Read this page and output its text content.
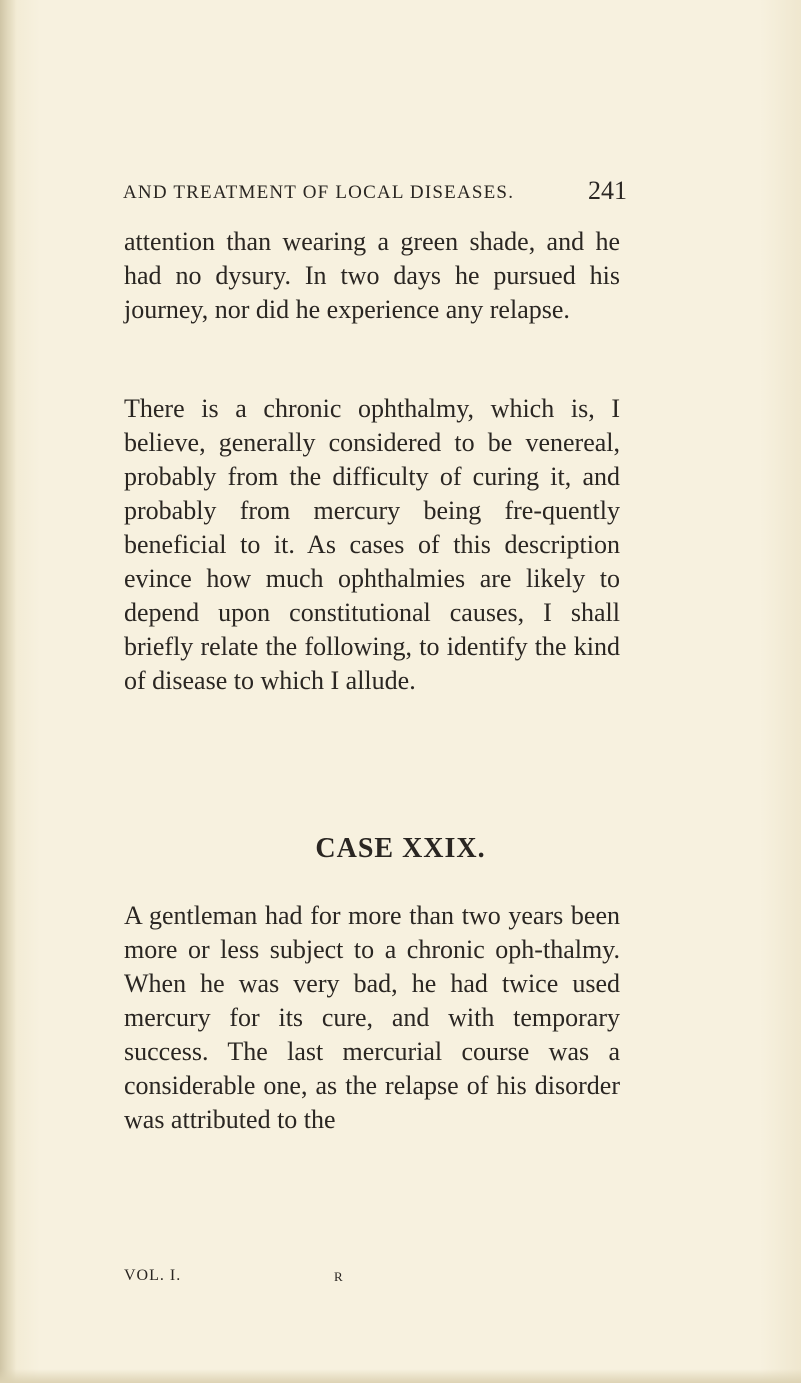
AND TREATMENT OF LOCAL DISEASES.	241

attention than wearing a green shade, and he had no dysury. In two days he pursued his journey, nor did he experience any relapse.

There is a chronic ophthalmy, which is, I believe, generally considered to be venereal, probably from the difficulty of curing it, and probably from mercury being fre-quently beneficial to it. As cases of this description evince how much ophthalmies are likely to depend upon constitutional causes, I shall briefly relate the following, to identify the kind of disease to which I allude.

CASE XXIX.

A gentleman had for more than two years been more or less subject to a chronic oph-thalmy. When he was very bad, he had twice used mercury for its cure, and with temporary success. The last mercurial course was a considerable one, as the relapse of his disorder was attributed to the

VOL. I.	R
